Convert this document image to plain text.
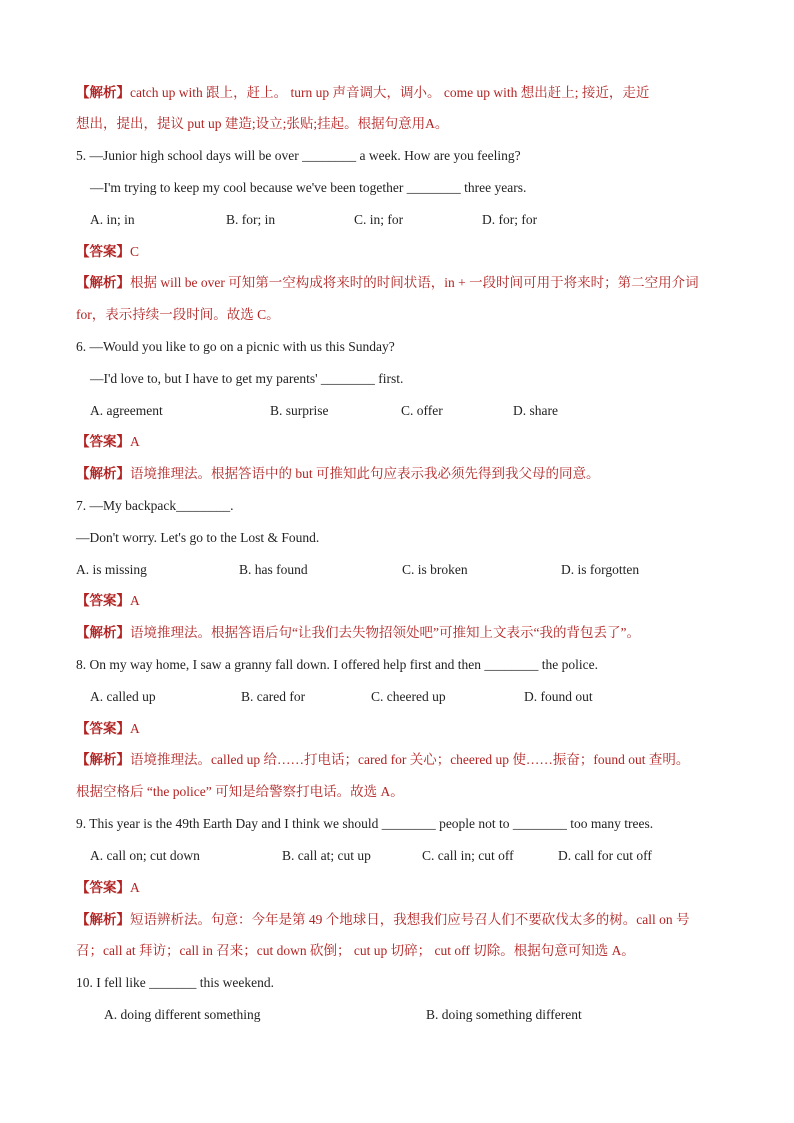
【解析】catch up with 跟上，赶上。 turn up 声音调大，调小。 come up with 想出赶上; 接近，走近
想出，提出，提议 put up 建造;设立;张贴;挂起。根据句意用A。
5. —Junior high school days will be over ________ a week. How are you feeling?
—I'm trying to keep my cool because we've been together ________ three years.
A. in; in	B. for; in	C. in; for	D. for; for
【答案】C
【解析】根据 will be over 可知第一空构成将来时的时间状语，in + 一段时间可用于将来时；第二空用介词
for，表示持续一段时间。故选 C。
6. —Would you like to go on a picnic with us this Sunday?
—I'd love to, but I have to get my parents' ________ first.
A. agreement	B. surprise	C. offer	D. share
【答案】A
【解析】语境推理法。根据答语中的 but 可推知此句应表示我必须先得到我父母的同意。
7. —My backpack________.
—Don't worry. Let's go to the Lost & Found.
A. is missing	B. has found	C. is broken	D. is forgotten
【答案】A
【解析】语境推理法。根据答语后句“让我们去失物招领处吧”可推知上文表示“我的背包丢了”。
8. On my way home, I saw a granny fall down. I offered help first and then ________ the police.
A. called up	B. cared for	C. cheered up	D. found out
【答案】A
【解析】语境推理法。called up 给……打电话；cared for 关心；cheered up 使……振奋；found out 查明。
根据空格后 “the police” 可知是给警察打电话。故选 A。
9. This year is the 49th Earth Day and I think we should ________ people not to ________ too many trees.
A. call on; cut down	B. call at; cut up	C. call in; cut off	D. call for cut off
【答案】A
【解析】短语辨析法。句意：今年是第 49 个地球日，我想我们应号召人们不要砍伐太多的树。call on 号
召；call at 拜访；call in 召来；cut down 砍倒； cut up 切碎； cut off 切除。根据句意可知选 A。
10. I fell like _______ this weekend.
A. doing different something	B. doing something different
